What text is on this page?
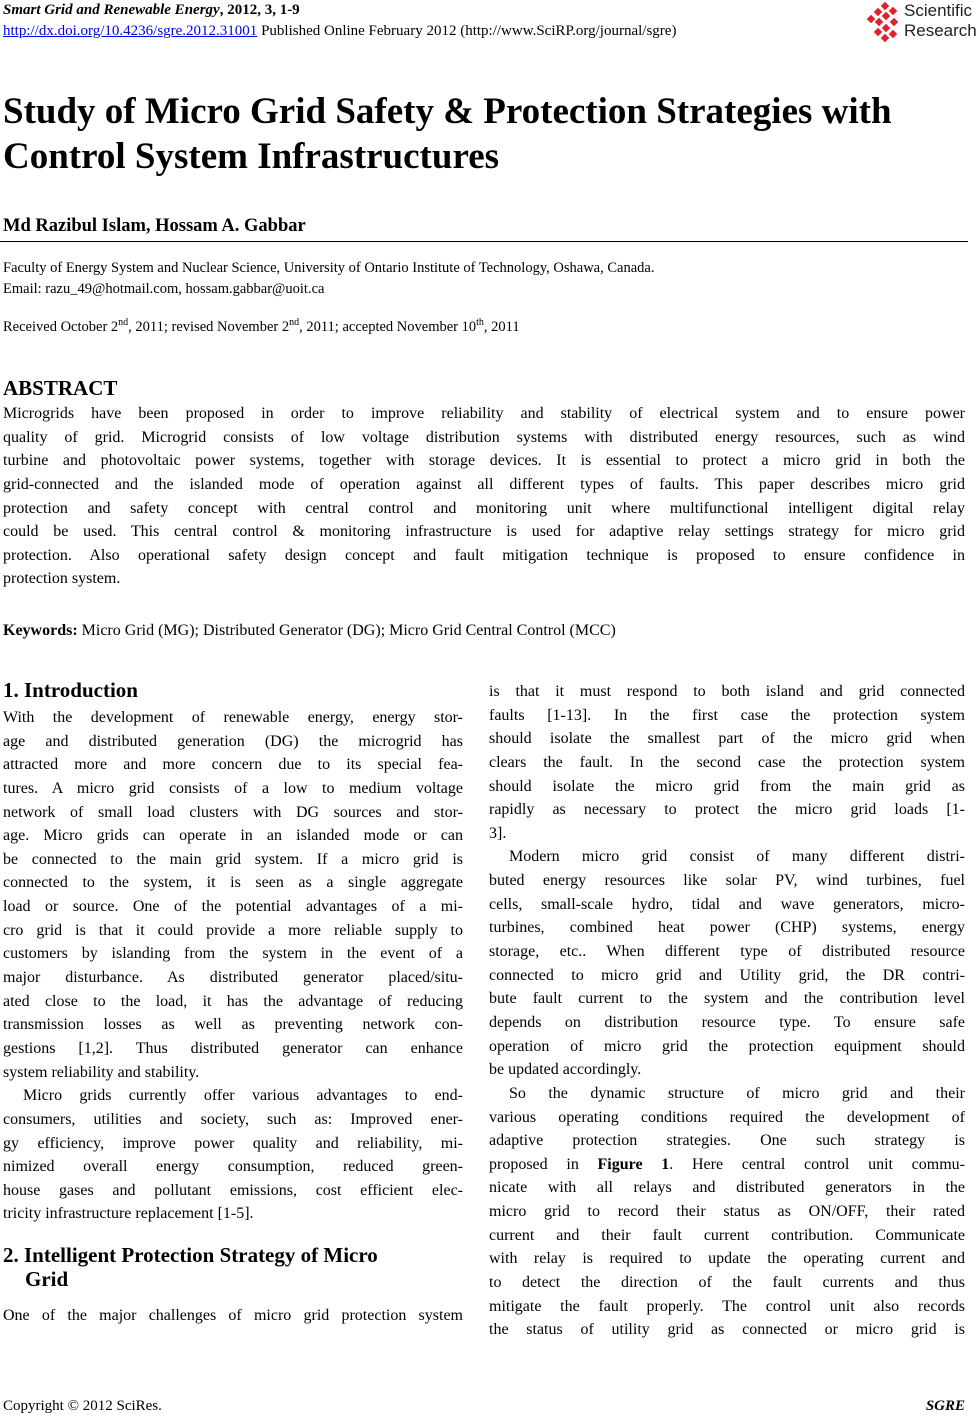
Smart Grid and Renewable Energy, 2012, 3, 1-9
http://dx.doi.org/10.4236/sgre.2012.31001 Published Online February 2012 (http://www.SciRP.org/journal/sgre)
Scientific
Research
Study of Micro Grid Safety & Protection Strategies with
Control System Infrastructures
Md Razibul Islam, Hossam A. Gabbar
Faculty of Energy System and Nuclear Science, University of Ontario Institute of Technology, Oshawa, Canada.
Email: razu_49@hotmail.com, hossam.gabbar@uoit.ca
Received October 2nd, 2011; revised November 2nd, 2011; accepted November 10th, 2011
ABSTRACT
Microgrids have been proposed in order to improve reliability and stability of electrical system and to ensure power
quality of grid. Microgrid consists of low voltage distribution systems with distributed energy resources, such as wind
turbine and photovoltaic power systems, together with storage devices. It is essential to protect a micro grid in both the
grid-connected and the islanded mode of operation against all different types of faults. This paper describes micro grid
protection and safety concept with central control and monitoring unit where multifunctional intelligent digital relay
could be used. This central control & monitoring infrastructure is used for adaptive relay settings strategy for micro grid
protection. Also operational safety design concept and fault mitigation technique is proposed to ensure confidence in
protection system.
Keywords: Micro Grid (MG); Distributed Generator (DG); Micro Grid Central Control (MCC)
1. Introduction
With the development of renewable energy, energy stor-
age and distributed generation (DG) the microgrid has
attracted more and more concern due to its special fea-
tures. A micro grid consists of a low to medium voltage
network of small load clusters with DG sources and stor-
age. Micro grids can operate in an islanded mode or can
be connected to the main grid system. If a micro grid is
connected to the system, it is seen as a single aggregate
load or source. One of the potential advantages of a mi-
cro grid is that it could provide a more reliable supply to
customers by islanding from the system in the event of a
major disturbance. As distributed generator placed/situ-
ated close to the load, it has the advantage of reducing
transmission losses as well as preventing network con-
gestions [1,2]. Thus distributed generator can enhance
system reliability and stability.
Micro grids currently offer various advantages to end-
consumers, utilities and society, such as: Improved ener-
gy efficiency, improve power quality and reliability, mi-
nimized overall energy consumption, reduced green-
house gases and pollutant emissions, cost efficient elec-
tricity infrastructure replacement [1-5].
2. Intelligent Protection Strategy of Micro
Grid
One of the major challenges of micro grid protection system
is that it must respond to both island and grid connected
faults [1-13]. In the first case the protection system
should isolate the smallest part of the micro grid when
clears the fault. In the second case the protection system
should isolate the micro grid from the main grid as
rapidly as necessary to protect the micro grid loads [1-
3].
Modern micro grid consist of many different distri-
buted energy resources like solar PV, wind turbines, fuel
cells, small-scale hydro, tidal and wave generators, micro-
turbines, combined heat power (CHP) systems, energy
storage, etc.. When different type of distributed resource
connected to micro grid and Utility grid, the DR contri-
bute fault current to the system and the contribution level
depends on distribution resource type. To ensure safe
operation of micro grid the protection equipment should
be updated accordingly.
So the dynamic structure of micro grid and their
various operating conditions required the development of
adaptive protection strategies. One such strategy is
proposed in Figure 1. Here central control unit commu-
nicate with all relays and distributed generators in the
micro grid to record their status as ON/OFF, their rated
current and their fault current contribution. Communicate
with relay is required to update the operating current and
to detect the direction of the fault currents and thus
mitigate the fault properly. The control unit also records
the status of utility grid as connected or micro grid is
Copyright © 2012 SciRes.	SGRE
